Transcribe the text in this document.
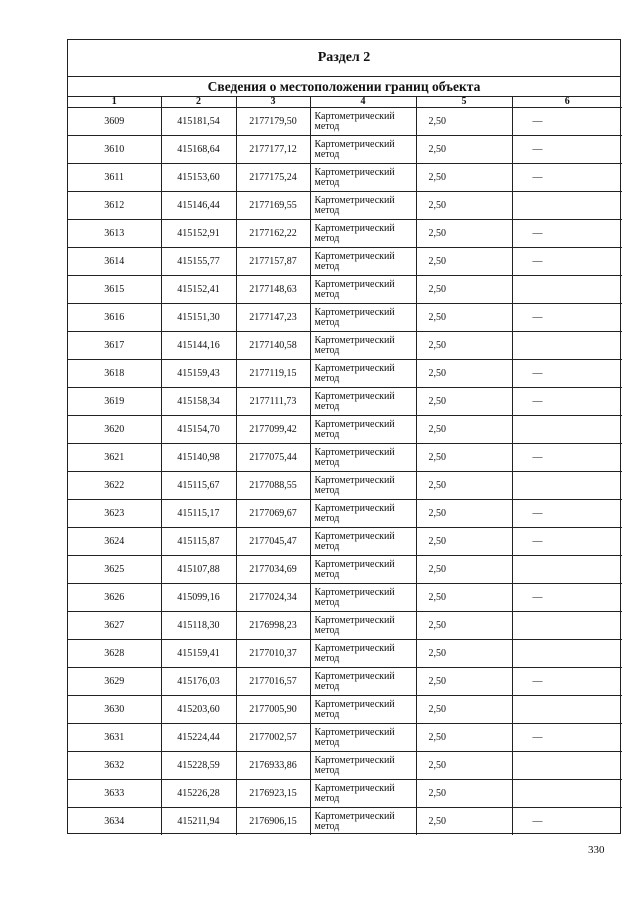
Раздел 2
Сведения о местоположении границ объекта
1	2	3	4	5	6
3609	415181,54	2177179,50	Картометрический метод	2,50	—
3610	415168,64	2177177,12	Картометрический метод	2,50	—
3611	415153,60	2177175,24	Картометрический метод	2,50	—
3612	415146,44	2177169,55	Картометрический метод	2,50	
3613	415152,91	2177162,22	Картометрический метод	2,50	—
3614	415155,77	2177157,87	Картометрический метод	2,50	—
3615	415152,41	2177148,63	Картометрический метод	2,50	
3616	415151,30	2177147,23	Картометрический метод	2,50	—
3617	415144,16	2177140,58	Картометрический метод	2,50	
3618	415159,43	2177119,15	Картометрический метод	2,50	—
3619	415158,34	2177111,73	Картометрический метод	2,50	—
3620	415154,70	2177099,42	Картометрический метод	2,50	
3621	415140,98	2177075,44	Картометрический метод	2,50	—
3622	415115,67	2177088,55	Картометрический метод	2,50	
3623	415115,17	2177069,67	Картометрический метод	2,50	—
3624	415115,87	2177045,47	Картометрический метод	2,50	—
3625	415107,88	2177034,69	Картометрический метод	2,50	
3626	415099,16	2177024,34	Картометрический метод	2,50	—
3627	415118,30	2176998,23	Картометрический метод	2,50	
3628	415159,41	2177010,37	Картометрический метод	2,50	
3629	415176,03	2177016,57	Картометрический метод	2,50	—
3630	415203,60	2177005,90	Картометрический метод	2,50	
3631	415224,44	2177002,57	Картометрический метод	2,50	—
3632	415228,59	2176933,86	Картометрический метод	2,50	
3633	415226,28	2176923,15	Картометрический метод	2,50	
3634	415211,94	2176906,15	Картометрический метод	2,50	—
330
